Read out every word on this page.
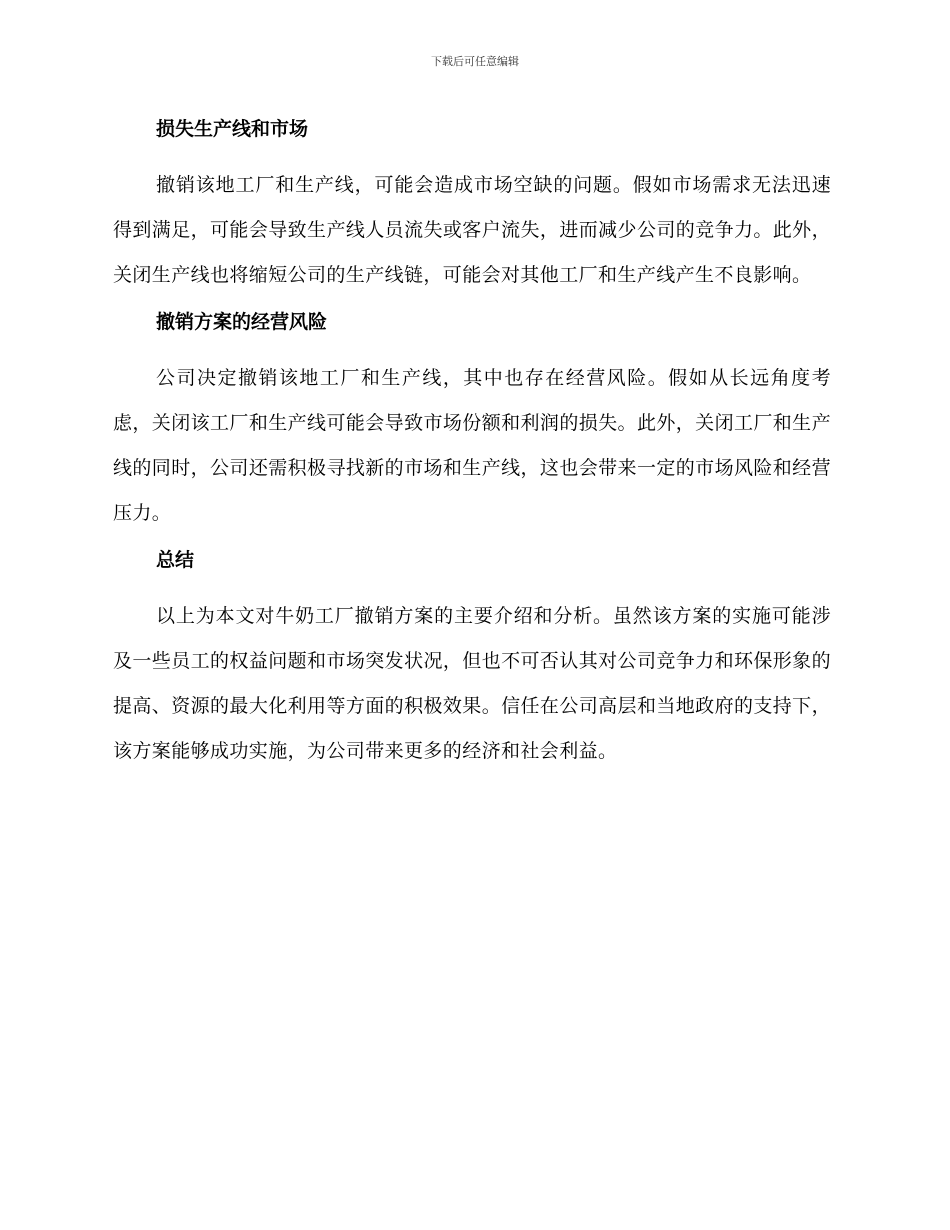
下载后可任意编辑
损失生产线和市场

撤销该地工厂和生产线，可能会造成市场空缺的问题。假如市场需求无法迅速得到满足，可能会导致生产线人员流失或客户流失，进而减少公司的竞争力。此外，关闭生产线也将缩短公司的生产线链，可能会对其他工厂和生产线产生不良影响。

撤销方案的经营风险

公司决定撤销该地工厂和生产线，其中也存在经营风险。假如从长远角度考虑，关闭该工厂和生产线可能会导致市场份额和利润的损失。此外，关闭工厂和生产线的同时，公司还需积极寻找新的市场和生产线，这也会带来一定的市场风险和经营压力。

总结

以上为本文对牛奶工厂撤销方案的主要介绍和分析。虽然该方案的实施可能涉及一些员工的权益问题和市场突发状况，但也不可否认其对公司竞争力和环保形象的提高、资源的最大化利用等方面的积极效果。信任在公司高层和当地政府的支持下，该方案能够成功实施，为公司带来更多的经济和社会利益。
